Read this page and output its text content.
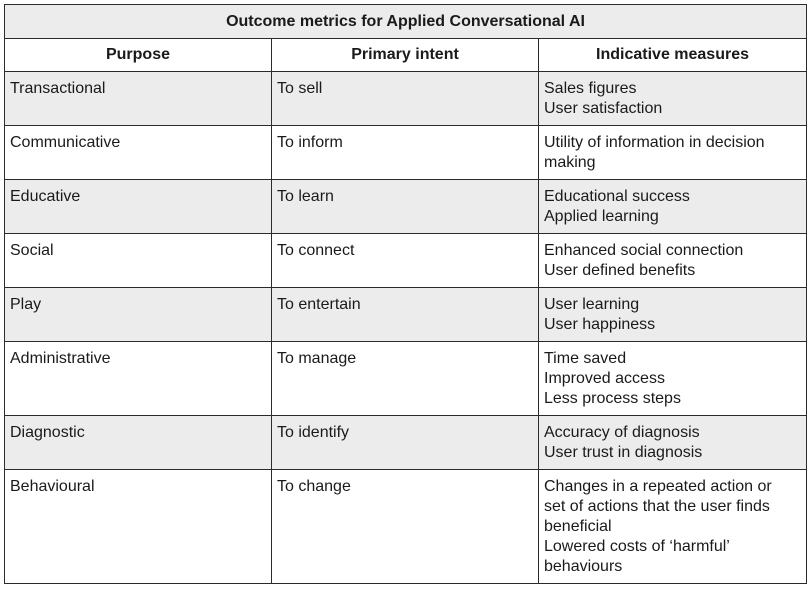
Outcome metrics for Applied Conversational AI		
Purpose	Primary intent	Indicative measures
Transactional	To sell	Sales figures
User satisfaction

Communicative	To inform	Utility of information in decision
making

Educative	To learn	Educational success
Applied learning

Social	To connect	Enhanced social connection
User defined benefits

Play	To entertain	User learning
User happiness

Administrative	To manage	Time saved
Improved access
Less process steps

Diagnostic	To identify	Accuracy of diagnosis
User trust in diagnosis

Behavioural	To change	Changes in a repeated action or
set of actions that the user finds
beneficial
Lowered costs of ‘harmful’
behaviours
